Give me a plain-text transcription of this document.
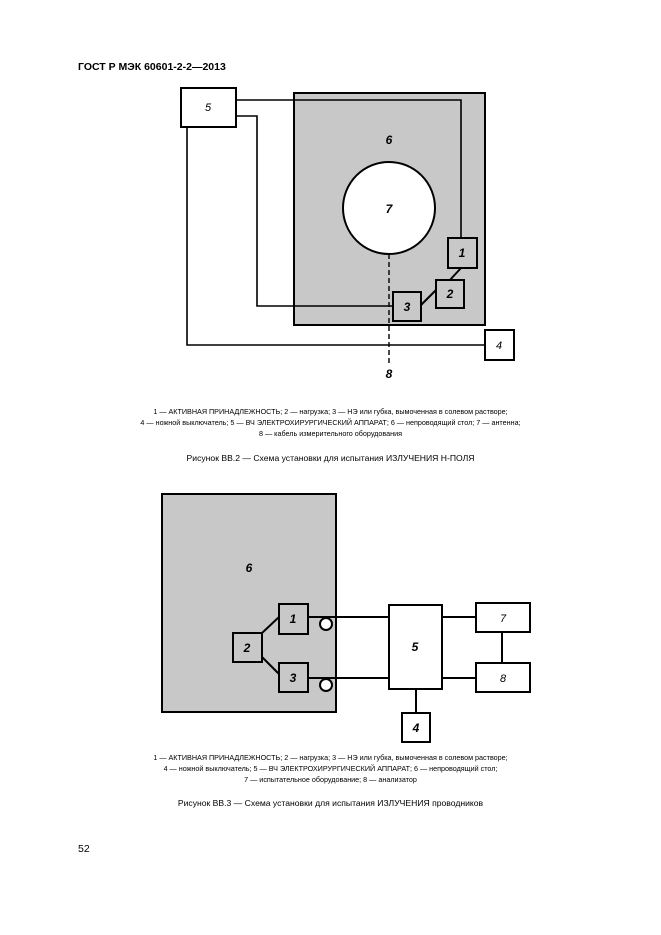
ГОСТ Р МЭК 60601-2-2—2013
5
6
7
1
2
3
4
8
1 — АКТИВНАЯ ПРИНАДЛЕЖНОСТЬ; 2 — нагрузка; 3 — НЭ или губка, вымоченная в солевом растворе;
4 — ножной выключатель; 5 — ВЧ ЭЛЕКТРОХИРУРГИЧЕСКИЙ АППАРАТ; 6 — непроводящий стол; 7 — антенна;
8 — кабель измерительного оборудования
Рисунок ВВ.2 — Схема установки для испытания ИЗЛУЧЕНИЯ H-ПОЛЯ
6
1
2
3
5
7
8
4
1 — АКТИВНАЯ ПРИНАДЛЕЖНОСТЬ; 2 — нагрузка; 3 — НЭ или губка, вымоченная в солевом растворе;
4 — ножной выключатель; 5 — ВЧ ЭЛЕКТРОХИРУРГИЧЕСКИЙ АППАРАТ; 6 — непроводящий стол;
7 — испытательное оборудование; 8 — анализатор
Рисунок ВВ.3 — Схема установки для испытания ИЗЛУЧЕНИЯ проводников
52
